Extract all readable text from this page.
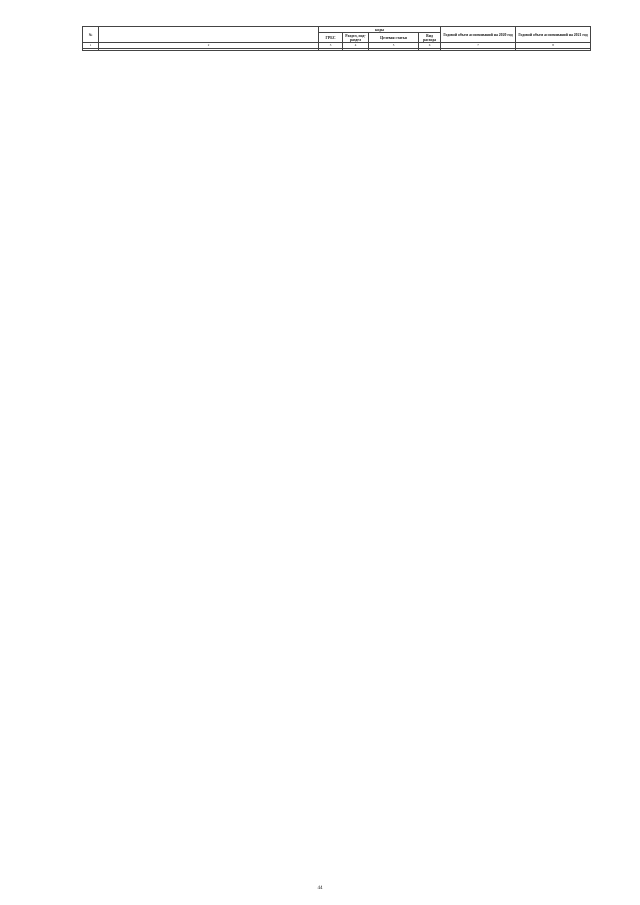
№		коды				Годовой объем ассигнований на 2020 год	Годовой объем ассигнований на 2021 год
		ГРБС	Раздел, под-раздел	Целевая статья	Вид расхода		
1	2	3	4	5	6	7	8

44
